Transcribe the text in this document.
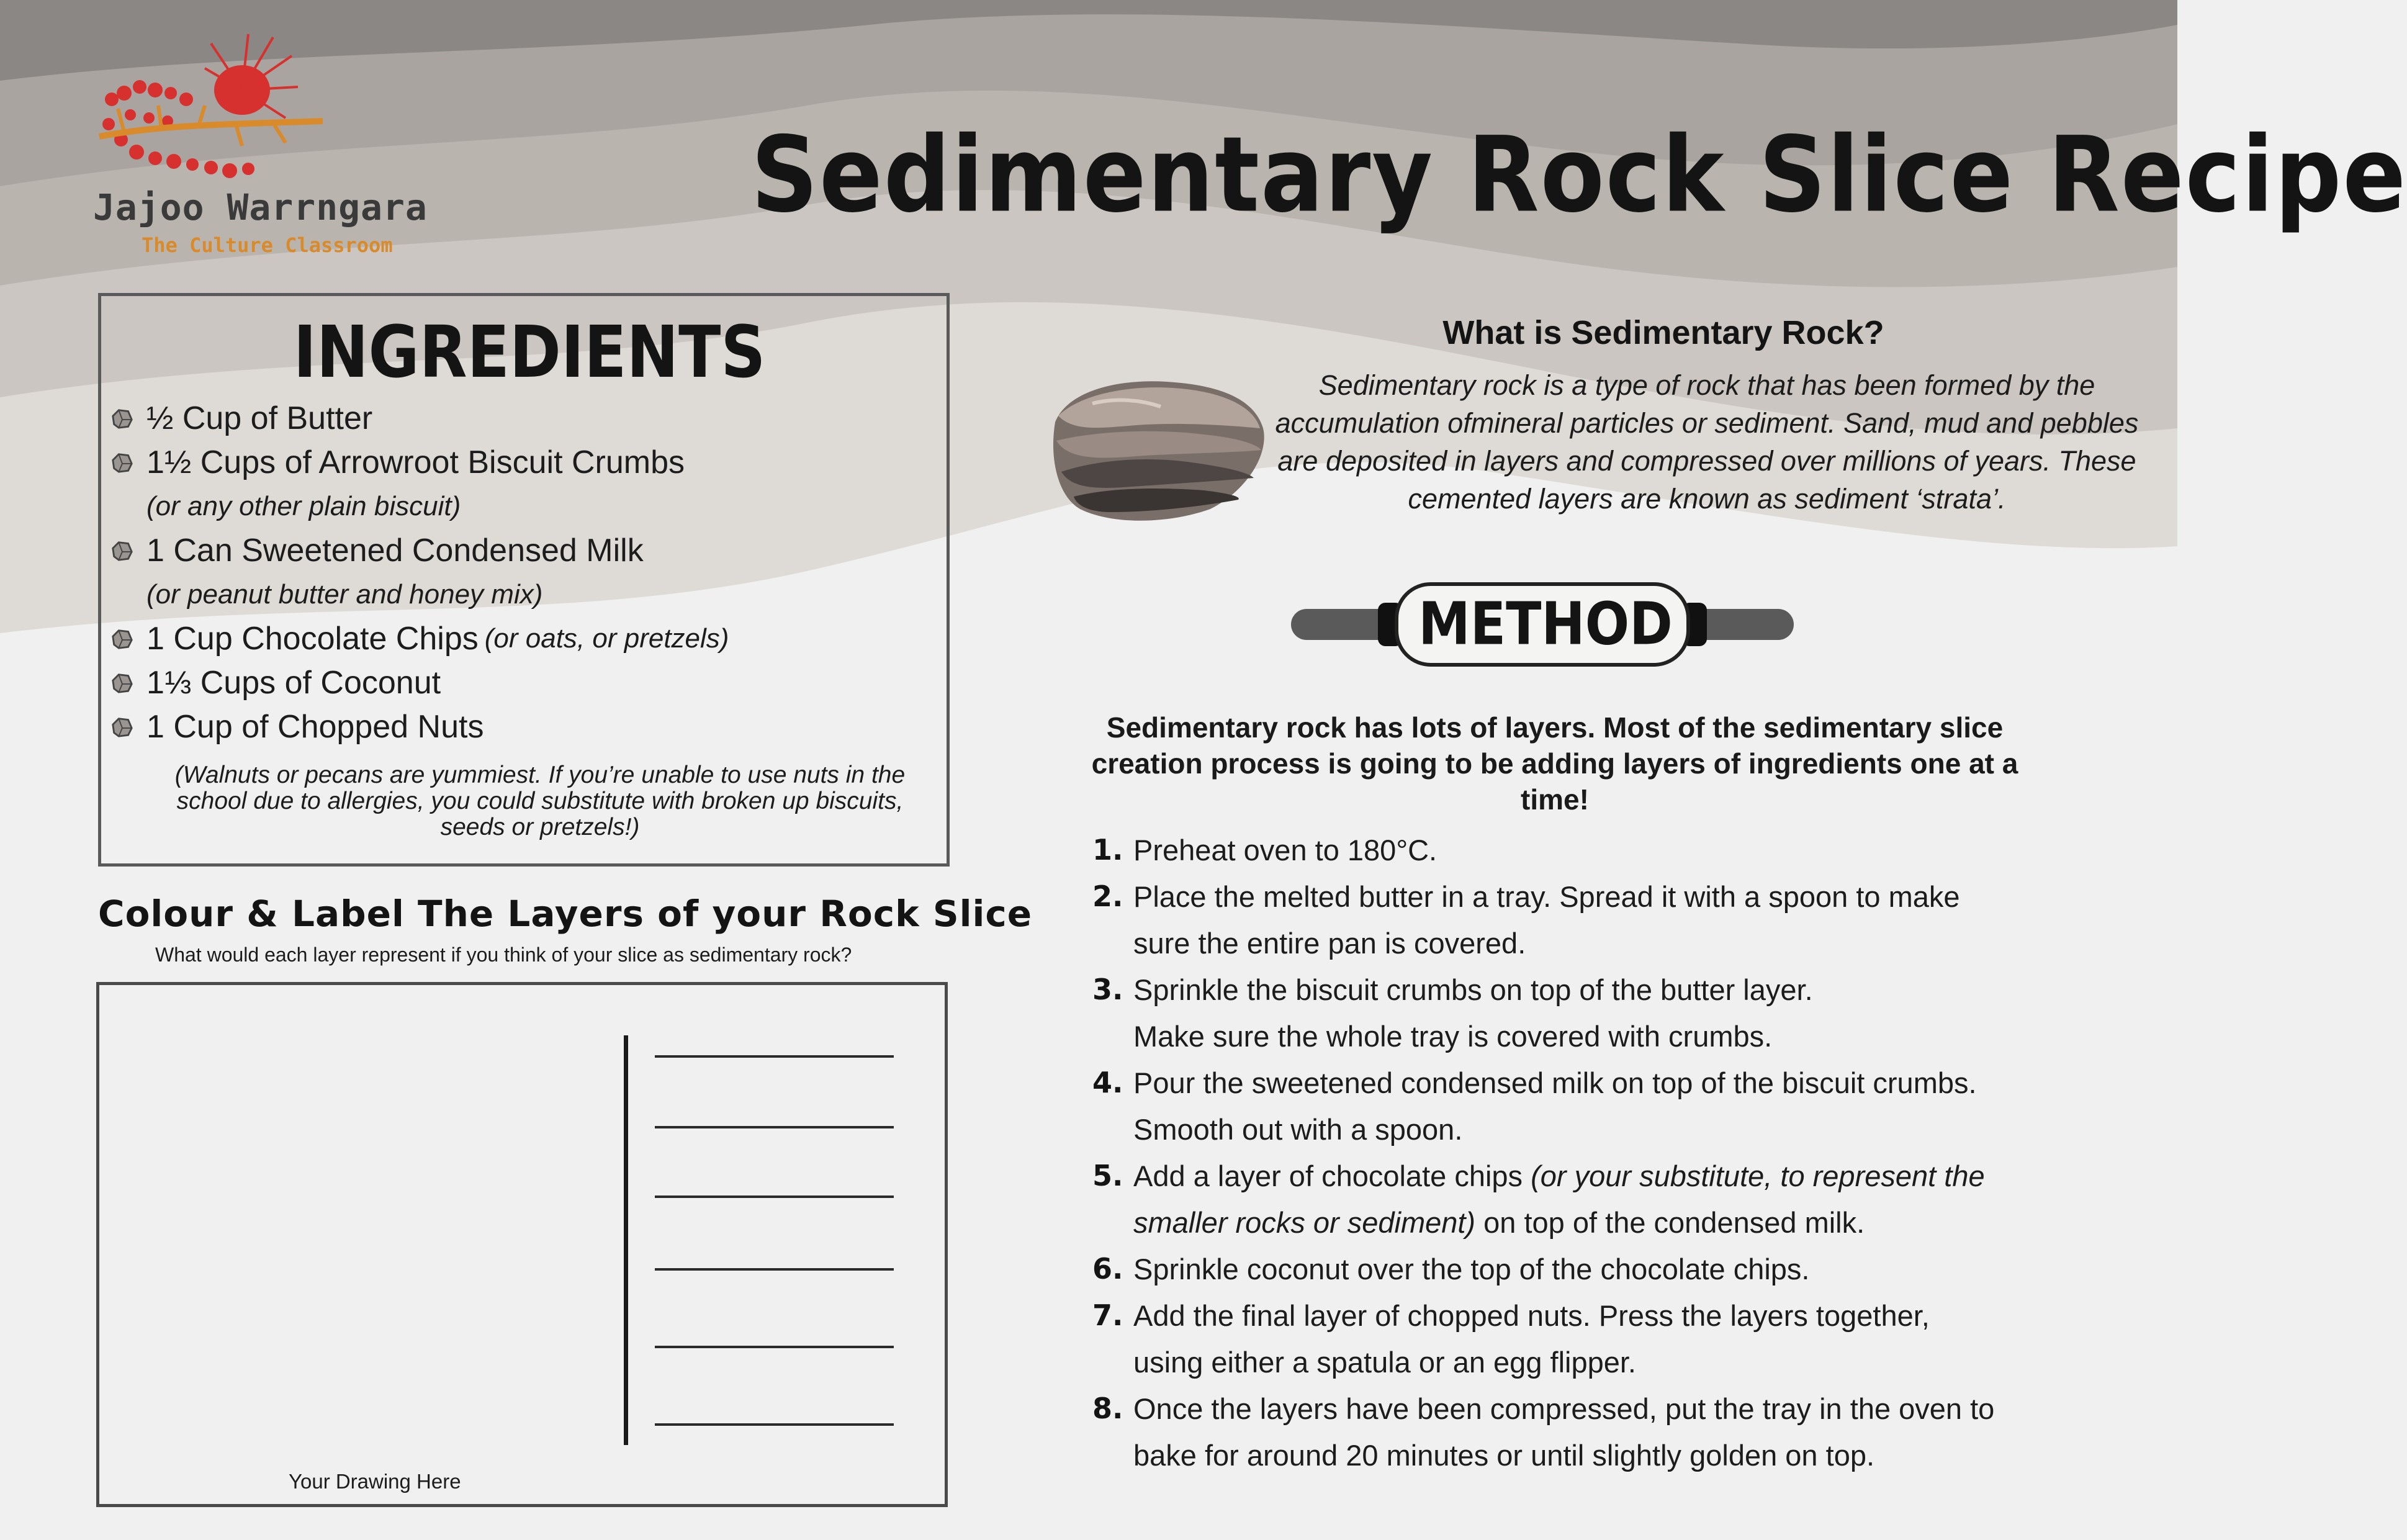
Jajoo Warrngara
The Culture Classroom
Sedimentary Rock Slice Recipe
INGREDIENTS
½ Cup of Butter
1½ Cups of Arrowroot Biscuit Crumbs
(or any other plain biscuit)
1 Can Sweetened Condensed Milk
(or peanut butter and honey mix)
1 Cup Chocolate Chips (or oats, or pretzels)
1⅓ Cups of Coconut
1 Cup of Chopped Nuts
(Walnuts or pecans are yummiest. If you’re unable to use nuts in the school due to allergies, you could substitute with broken up biscuits, seeds or pretzels!)
Colour & Label The Layers of your Rock Slice
What would each layer represent if you think of your slice as sedimentary rock?
Your Drawing Here
What is Sedimentary Rock?
Sedimentary rock is a type of rock that has been formed by the accumulation ofmineral particles or sediment. Sand, mud and pebbles are deposited in layers and compressed over millions of years. These cemented layers are known as sediment ‘strata’.
METHOD
Sedimentary rock has lots of layers. Most of the sedimentary slice creation process is going to be adding layers of ingredients one at a time!
1. Preheat oven to 180°C.
2. Place the melted butter in a tray. Spread it with a spoon to make
sure the entire pan is covered.
3. Sprinkle the biscuit crumbs on top of the butter layer.
Make sure the whole tray is covered with crumbs.
4. Pour the sweetened condensed milk on top of the biscuit crumbs.
Smooth out with a spoon.
5. Add a layer of chocolate chips (or your substitute, to represent the
smaller rocks or sediment) on top of the condensed milk.
6. Sprinkle coconut over the top of the chocolate chips.
7. Add the final layer of chopped nuts. Press the layers together,
using either a spatula or an egg flipper.
8. Once the layers have been compressed, put the tray in the oven to
bake for around 20 minutes or until slightly golden on top.
